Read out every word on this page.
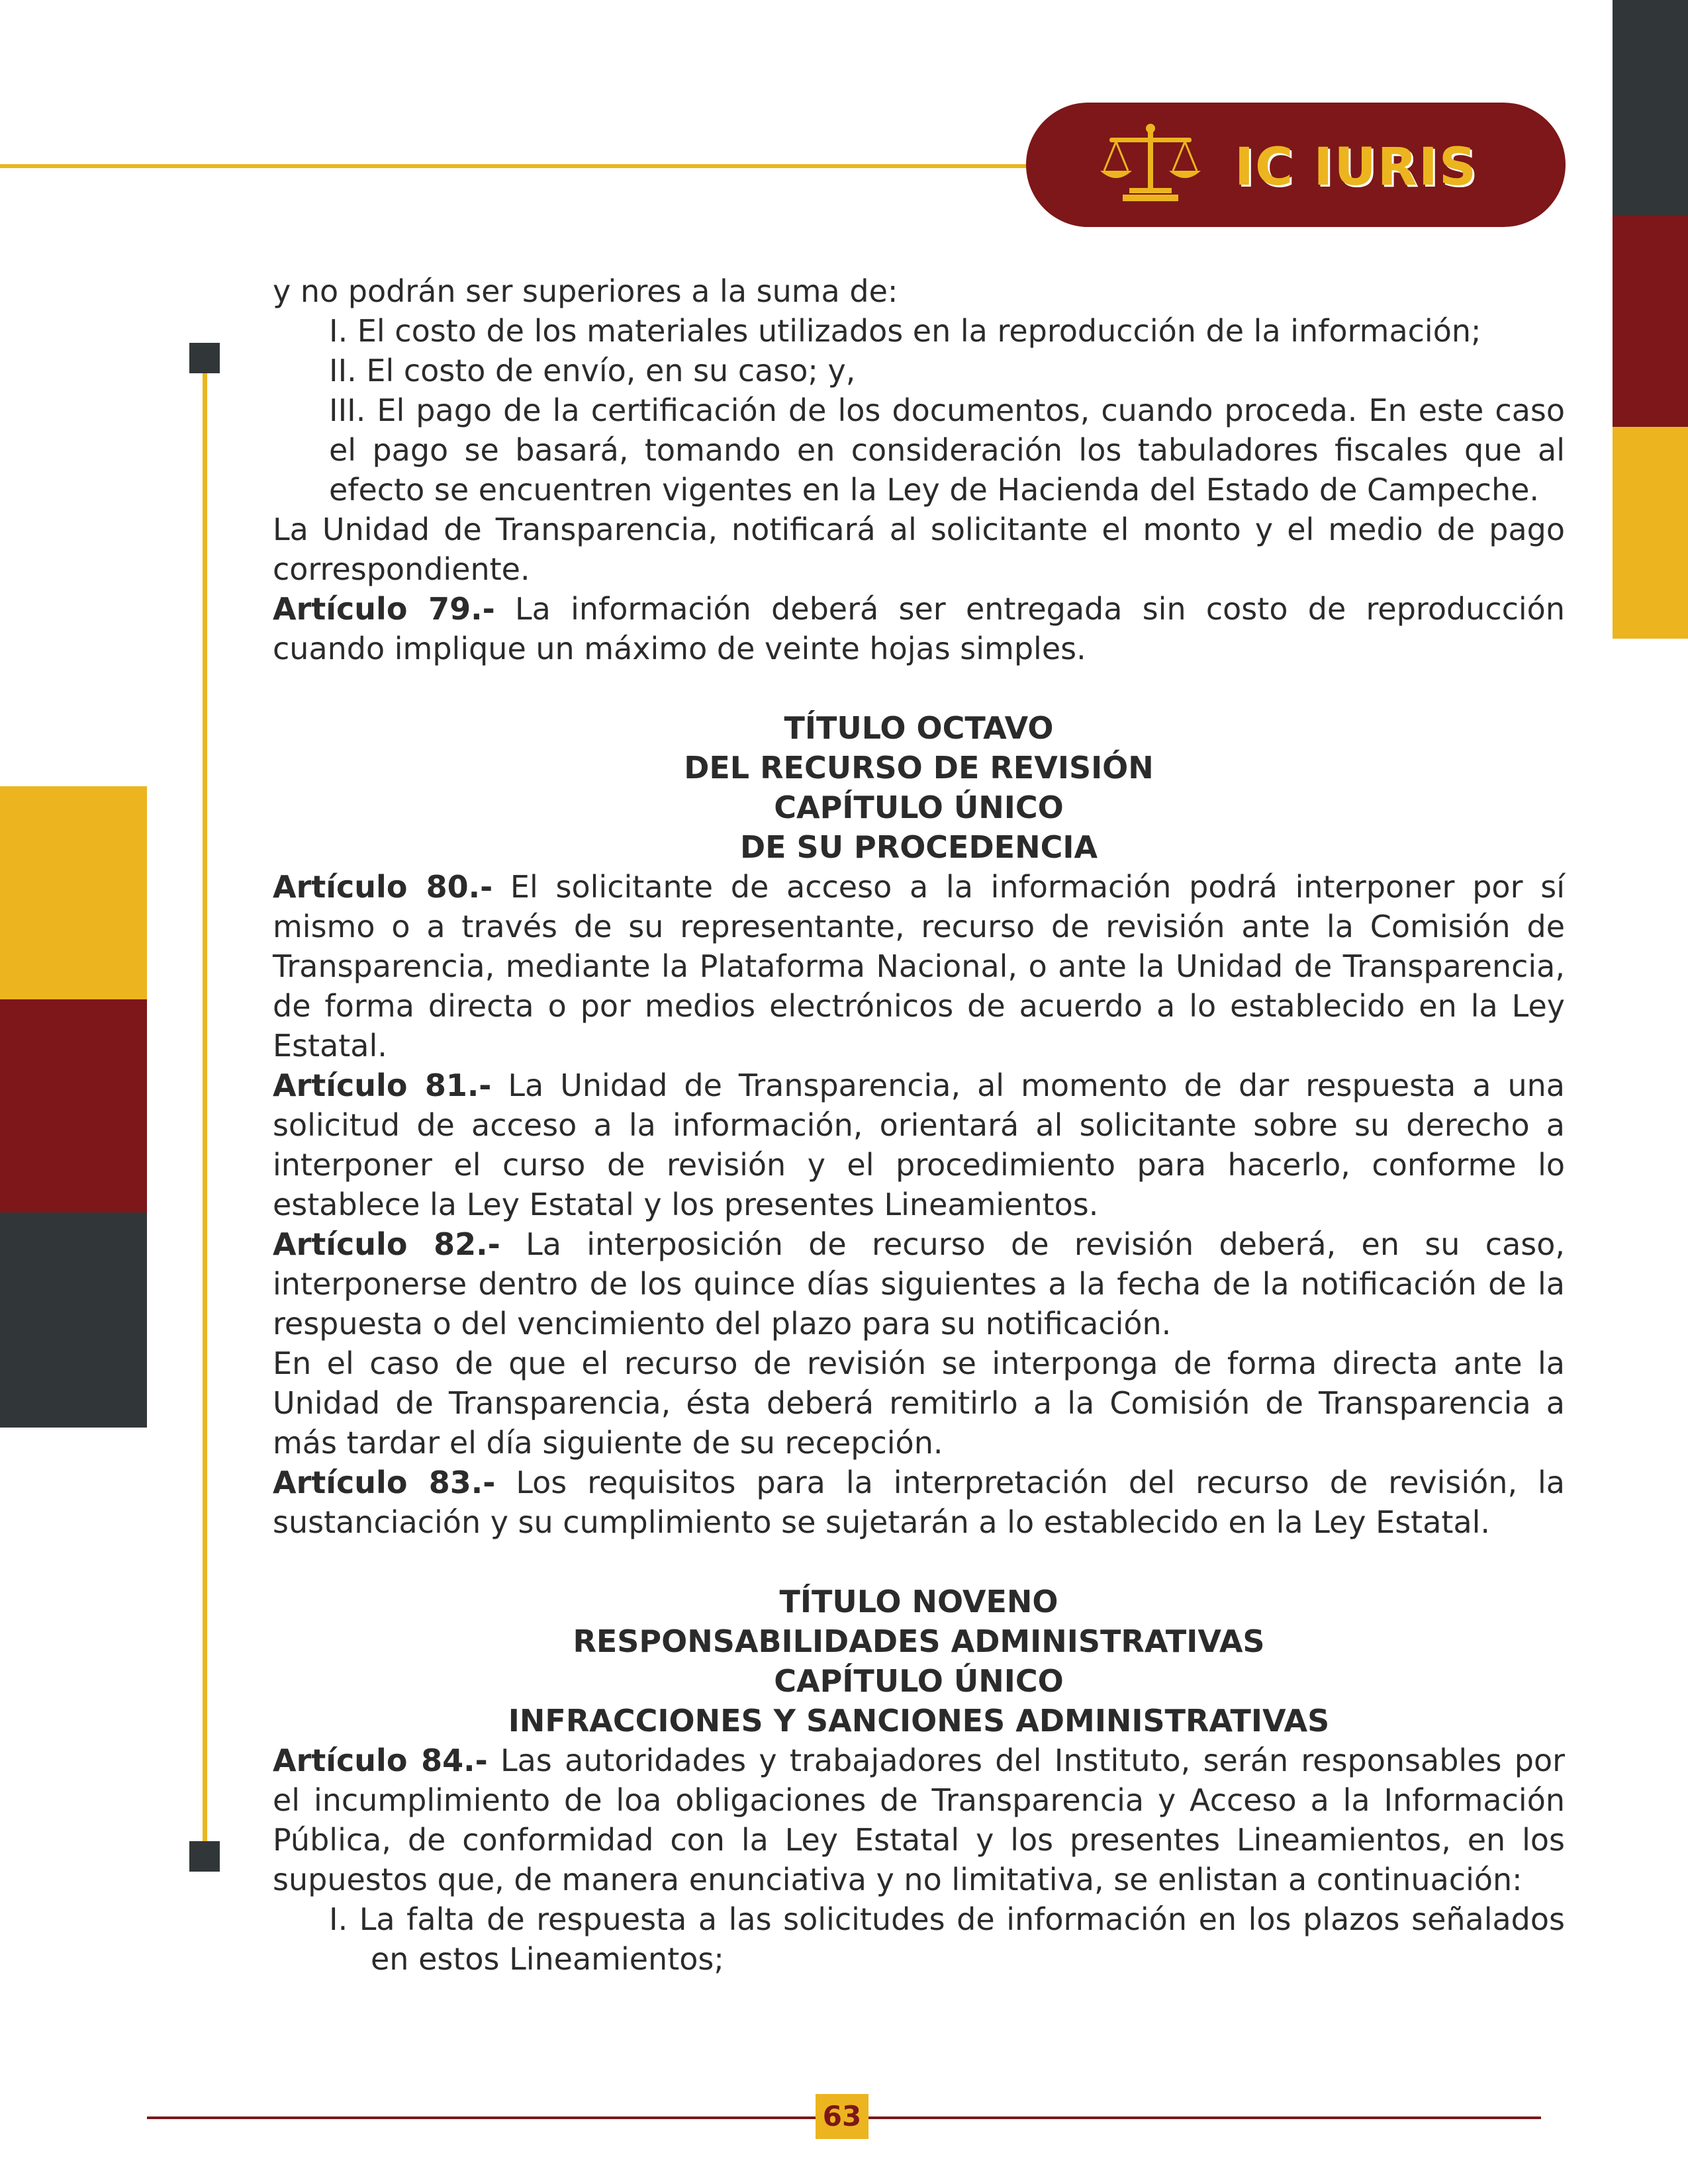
IC IURIS

y no podrán ser superiores a la suma de:

I. El costo de los materiales utilizados en la reproducción de la información;

II. El costo de envío, en su caso; y,

III. El pago de la certificación de los documentos, cuando proceda. En este caso el pago se basará, tomando en consideración los tabuladores fiscales que al efecto se encuentren vigentes en la Ley de Hacienda del Estado de Campeche.

La Unidad de Transparencia, notificará al solicitante el monto y el medio de pago correspondiente.

Artículo 79.- La información deberá ser entregada sin costo de reproducción cuando implique un máximo de veinte hojas simples.

TÍTULO OCTAVO

DEL RECURSO DE REVISIÓN

CAPÍTULO ÚNICO

DE SU PROCEDENCIA

Artículo 80.- El solicitante de acceso a la información podrá interponer por sí mismo o a través de su representante, recurso de revisión ante la Comisión de Transparencia, mediante la Plataforma Nacional, o ante la Unidad de Transparencia, de forma directa o por medios electrónicos de acuerdo a lo establecido en la Ley Estatal.

Artículo 81.- La Unidad de Transparencia, al momento de dar respuesta a una solicitud de acceso a la información, orientará al solicitante sobre su derecho a interponer el curso de revisión y el procedimiento para hacerlo, conforme lo establece la Ley Estatal y los presentes Lineamientos.

Artículo 82.- La interposición de recurso de revisión deberá, en su caso, interponerse dentro de los quince días siguientes a la fecha de la notificación de la respuesta o del vencimiento del plazo para su notificación.

En el caso de que el recurso de revisión se interponga de forma directa ante la Unidad de Transparencia, ésta deberá remitirlo a la Comisión de Transparencia a más tardar el día siguiente de su recepción.

Artículo 83.- Los requisitos para la interpretación del recurso de revisión, la sustanciación y su cumplimiento se sujetarán a lo establecido en la Ley Estatal.

TÍTULO NOVENO

RESPONSABILIDADES ADMINISTRATIVAS

CAPÍTULO ÚNICO

INFRACCIONES Y SANCIONES ADMINISTRATIVAS

Artículo 84.- Las autoridades y trabajadores del Instituto, serán responsables por el incumplimiento de loa obligaciones de Transparencia y Acceso a la Información Pública, de conformidad con la Ley Estatal y los presentes Lineamientos, en los supuestos que, de manera enunciativa y no limitativa, se enlistan a continuación:

I. La falta de respuesta a las solicitudes de información en los plazos señalados en estos Lineamientos;

63
